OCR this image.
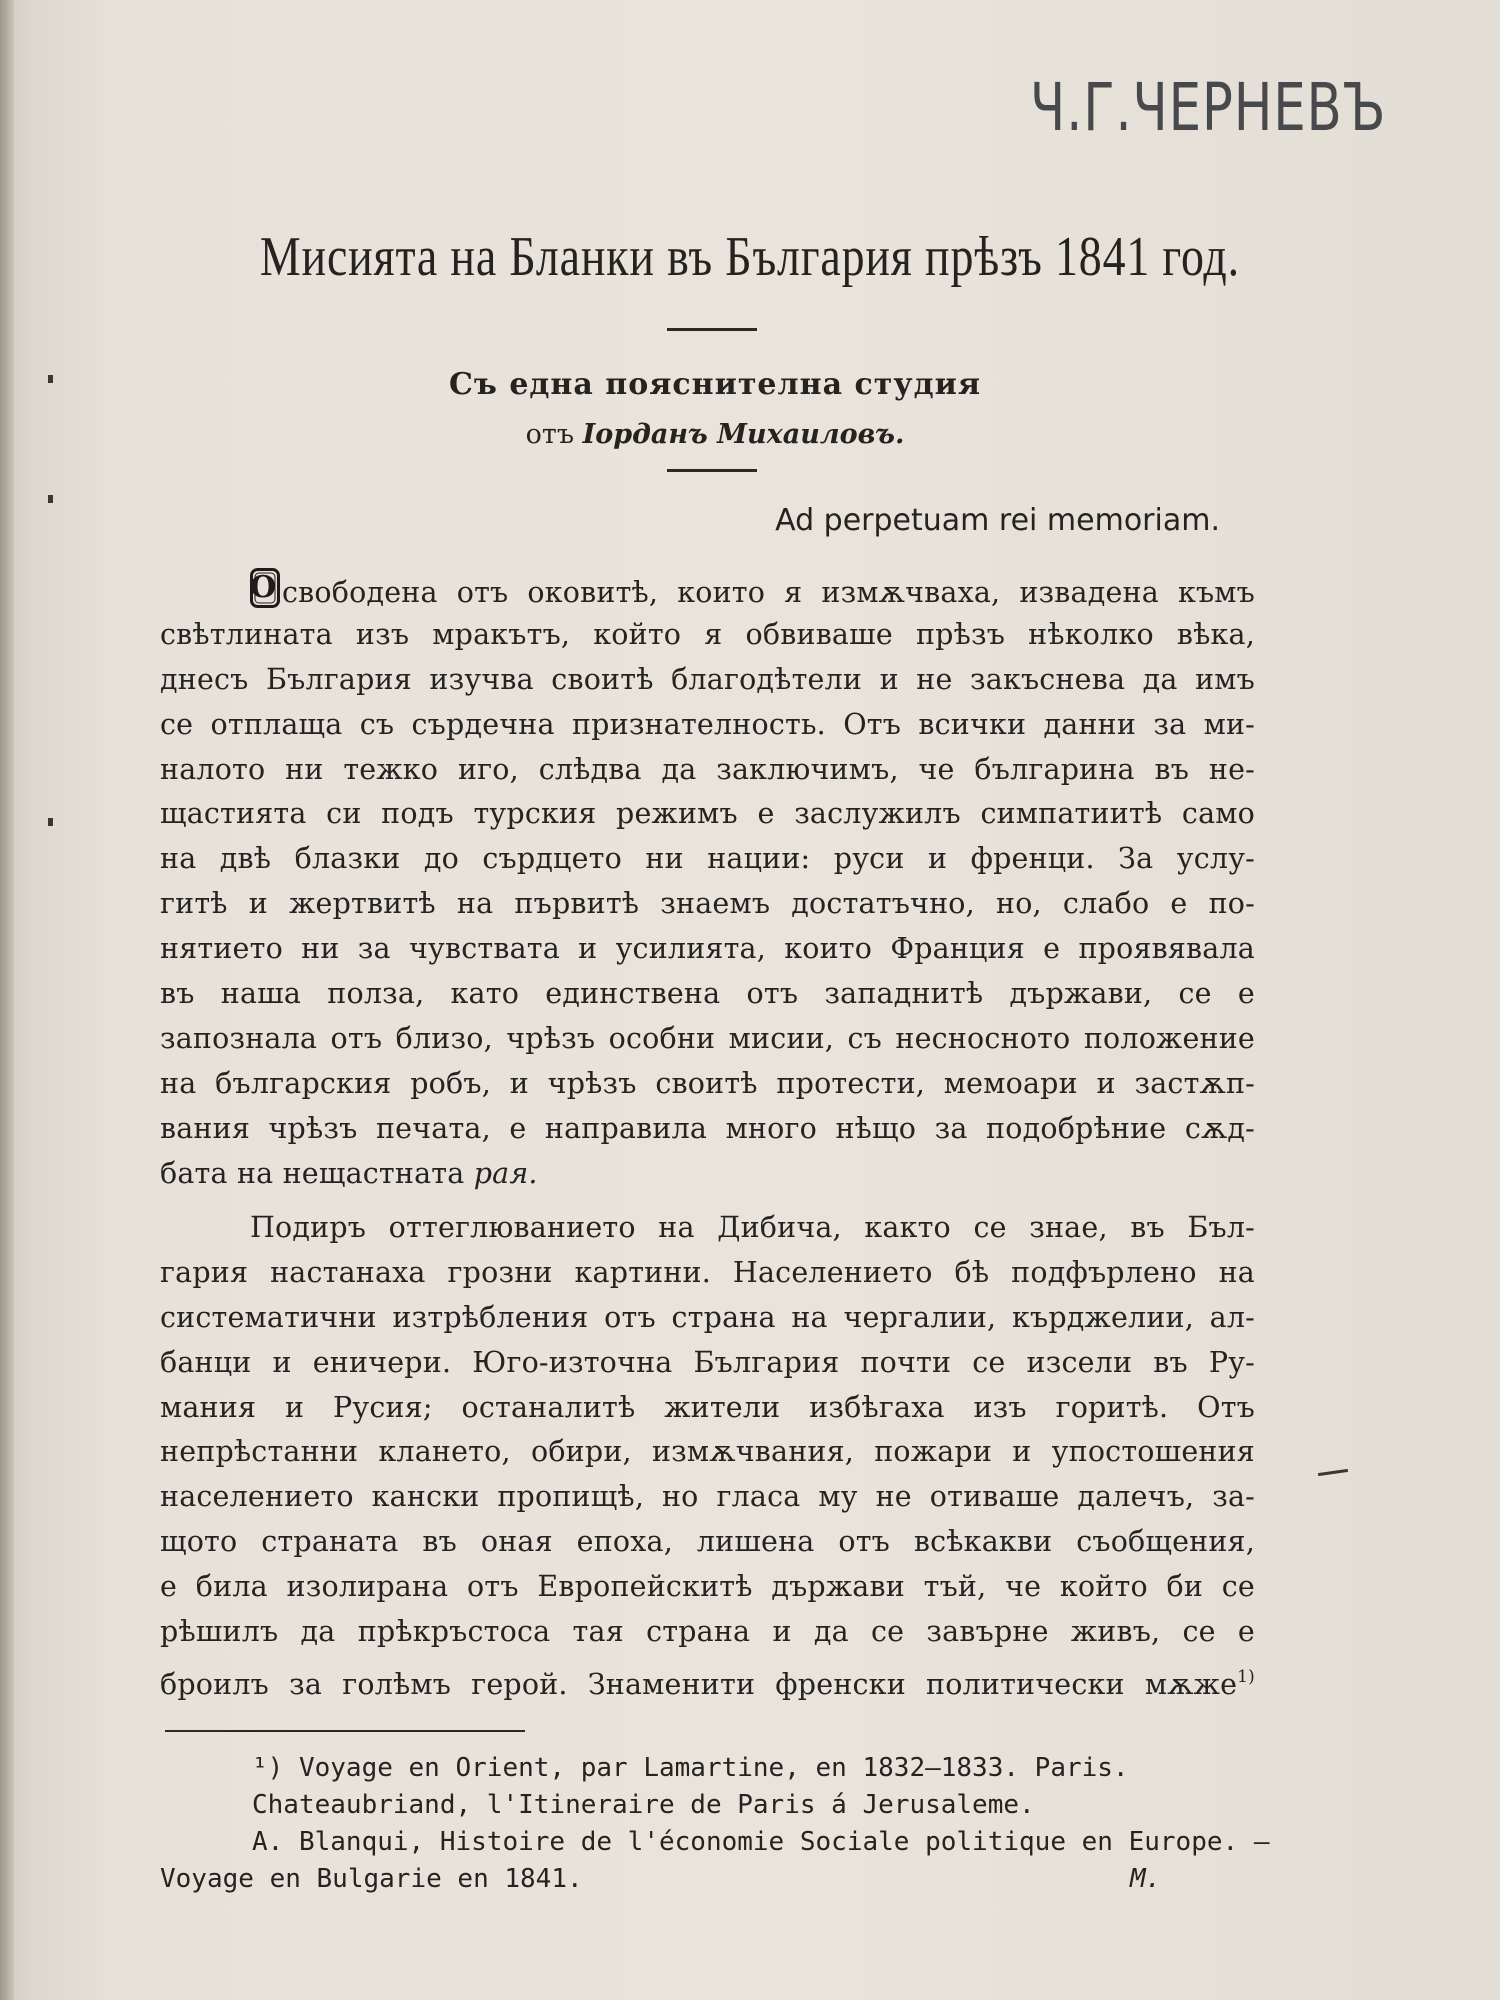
Ч.Г.ЧЕРНЕВЪ
Мисията на Бланки въ България прѣзъ 1841 год.
Съ една пояснителна студия
отъ Іорданъ Михаиловъ.
Ad perpetuam rei memoriam.
О свободена отъ оковитѣ, които я измѫчваха, извадена къмъ
свѣтлината изъ мракътъ, който я обвиваше прѣзъ нѣколко вѣка,
днесъ България изучва своитѣ благодѣтели и не закъснева да имъ
се отплаща съ сърдечна признателность. Отъ всички данни за ми-
налото ни тежко иго, слѣдва да заключимъ, че българина въ не-
щастията си подъ турския режимъ е заслужилъ симпатиитѣ само
на двѣ блазки до сърдцето ни нации: руси и френци. За услу-
гитѣ и жертвитѣ на първитѣ знаемъ достатъчно, но, слабо е по-
нятието ни за чувствата и усилията, които Франция е проявявала
въ наша полза, като единствена отъ западнитѣ държави, се е
запознала отъ близо, чрѣзъ особни мисии, съ несносното положение
на българския робъ, и чрѣзъ своитѣ протести, мемоари и застѫп-
вания чрѣзъ печата, е направила много нѣщо за подобрѣние сѫд-
бата на нещастната рая.
Подиръ оттеглюванието на Дибича, както се знае, въ Бъл-
гария настанаха грозни картини. Населението бѣ подфърлено на
систематични изтрѣбления отъ страна на чергалии, кърджелии, ал-
банци и еничери. Юго-източна България почти се изсели въ Ру-
мания и Русия; останалитѣ жители избѣгаха изъ горитѣ. Отъ
непрѣстанни клането, обири, измѫчвания, пожари и упостошения
населението кански пропищѣ, но гласа му не отиваше далечъ, за-
щото страната въ оная епоха, лишена отъ всѣкакви съобщения,
е била изолирана отъ Европейскитѣ държави тъй, че който би се
рѣшилъ да прѣкръстоса тая страна и да се завърне живъ, се е
броилъ за голѣмъ герой. Знаменити френски политически мѫже$^{1)}$
¹) Voyage en Orient, par Lamartine, en 1832—1833. Paris.
Chateaubriand, l'Itineraire de Paris á Jerusaleme.
A. Blanqui, Histoire de l'économie Sociale politique en Europe. —
Voyage en Bulgarie en 1841.	M.
